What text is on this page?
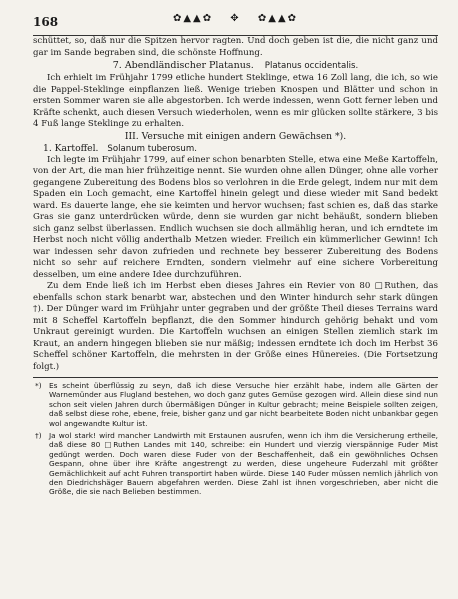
168	✿▲▲✿ ✥ ✿▲▲✿

schüttet, so, daß nur die Spitzen hervor ragten. Und doch geben ist die, die nicht ganz und gar im Sande begraben sind, die schönste Hoffnung.

7. Abendländischer Platanus. Platanus occidentalis.

Ich erhielt im Frühjahr 1799 etliche hundert Steklinge, etwa 16 Zoll lang, die ich, so wie die Pappel-Steklinge einpflanzen ließ. Wenige trieben Knospen und Blätter und schon in ersten Sommer waren sie alle abgestorben. Ich werde indessen, wenn Gott ferner leben und Kräfte schenkt, auch diesen Versuch wiederholen, wenn es mir glücken sollte stärkere, 3 bis 4 Fuß lange Steklinge zu erhalten.

III. Versuche mit einigen andern Gewächsen *).

1. Kartoffel. Solanum tuberosum.

Ich legte im Frühjahr 1799, auf einer schon benarbten Stelle, etwa eine Meße Kartoffeln, von der Art, die man hier frühzeitige nennt. Sie wurden ohne allen Dünger, ohne alle vorher gegangene Zubereitung des Bodens blos so verlohren in die Erde gelegt, indem nur mit dem Spaden ein Loch gemacht, eine Kartoffel hinein gelegt und diese wieder mit Sand bedekt ward. Es dauerte lange, ehe sie keimten und hervor wuchsen; fast schien es, daß das starke Gras sie ganz unterdrücken würde, denn sie wurden gar nicht behäußt, sondern blieben sich ganz selbst überlassen. Endlich wuchsen sie doch allmählig heran, und ich erndtete im Herbst noch nicht völlig anderthalb Metzen wieder. Freilich ein kümmerlicher Gewinn! Ich war indessen sehr davon zufrieden und rechnete bey besserer Zubereitung des Bodens nicht so sehr auf reichere Erndten, sondern vielmehr auf eine sichere Vorbereitung desselben, um eine andere Idee durchzuführen.

Zu dem Ende ließ ich im Herbst eben dieses Jahres ein Revier von 80 □Ruthen, das ebenfalls schon stark benarbt war, abstechen und den Winter hindurch sehr stark düngen †). Der Dünger ward im Frühjahr unter gegraben und der größte Theil dieses Terrains ward mit 8 Scheffel Kartoffeln bepflanzt, die den Sommer hindurch gehörig behakt und vom Unkraut gereinigt wurden. Die Kartoffeln wuchsen an einigen Stellen ziemlich stark im Kraut, an andern hingegen blieben sie nur mäßig; indessen erndtete ich doch im Herbst 36 Scheffel schöner Kartoffeln, die mehrsten in der Größe eines Hünereies. (Die Fortsetzung folgt.)

*) Es scheint überflüssig zu seyn, daß ich diese Versuche hier erzählt habe, indem alle Gärten der Warnemünder aus Flugland bestehen, wo doch ganz gutes Gemüse gezogen wird. Allein diese sind nun schon seit vielen Jahren durch übermäßigen Dünger in Kultur gebracht; meine Beispiele sollten zeigen, daß selbst diese rohe, ebene, freie, bisher ganz und gar nicht bearbeitete Boden nicht unbankbar gegen wol angewandte Kultur ist.

†) Ja wol stark! wird mancher Landwirth mit Erstaunen ausrufen, wenn ich ihm die Versicherung ertheile, daß diese 80 □Ruthen Landes mit 140, schreibe: ein Hundert und vierzig vierspännige Fuder Mist gedüngt werden. Doch waren diese Fuder von der Beschaffenheit, daß ein gewöhnliches Ochsen Gespann, ohne über ihre Kräfte angestrengt zu werden, diese ungeheure Fuderzahl mit größter Gemächlichkeit auf acht Fuhren transportirt haben würde. Diese 140 Fuder müssen nemlich jährlich von den Diedrichshäger Bauern abgefahren werden. Diese Zahl ist ihnen vorgeschrieben, aber nicht die Größe, die sie nach Belieben bestimmen.
